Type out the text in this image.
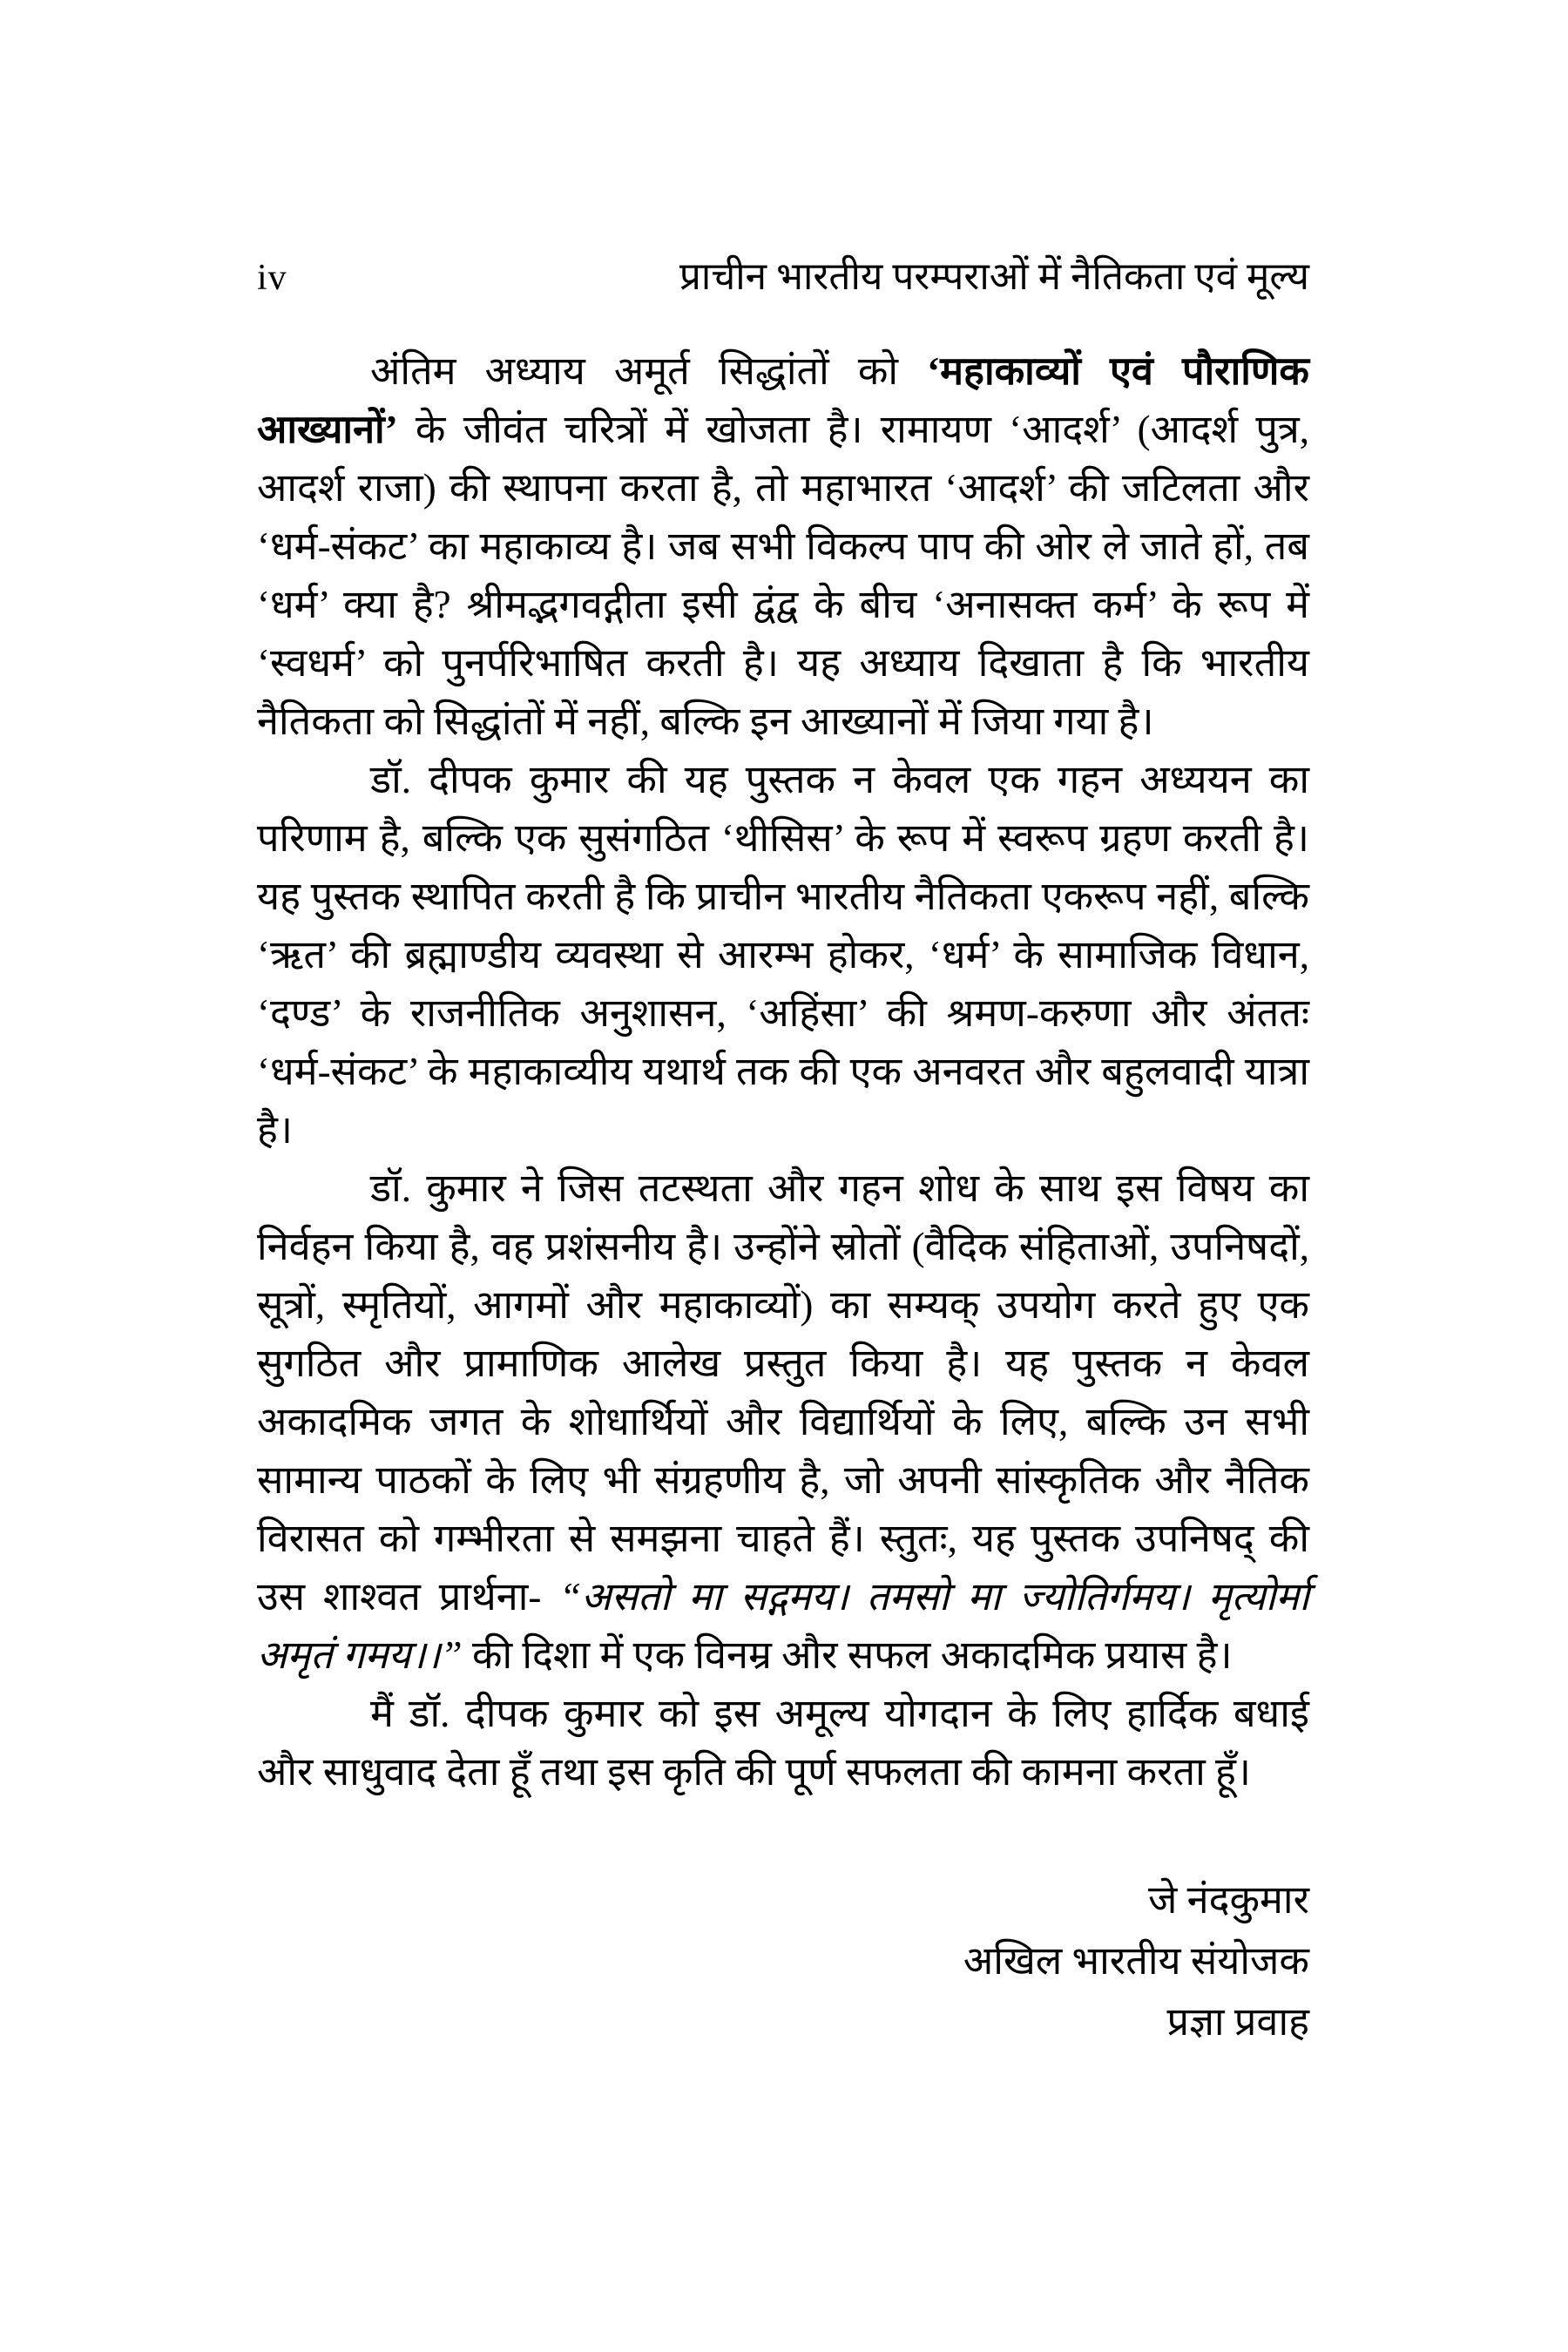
iv	प्राचीन भारतीय परम्पराओं में नैतिकता एवं मूल्य

अंतिम अध्याय अमूर्त सिद्धांतों को ‘महाकाव्यों एवं पौराणिक आख्यानों’ के जीवंत चरित्रों में खोजता है। रामायण ‘आदर्श’ (आदर्श पुत्र, आदर्श राजा) की स्थापना करता है, तो महाभारत ‘आदर्श’ की जटिलता और ‘धर्म-संकट’ का महाकाव्य है। जब सभी विकल्प पाप की ओर ले जाते हों, तब ‘धर्म’ क्या है? श्रीमद्भगवद्गीता इसी द्वंद्व के बीच ‘अनासक्त कर्म’ के रूप में ‘स्वधर्म’ को पुनर्परिभाषित करती है। यह अध्याय दिखाता है कि भारतीय नैतिकता को सिद्धांतों में नहीं, बल्कि इन आख्यानों में जिया गया है।

डॉ. दीपक कुमार की यह पुस्तक न केवल एक गहन अध्ययन का परिणाम है, बल्कि एक सुसंगठित ‘थीसिस’ के रूप में स्वरूप ग्रहण करती है। यह पुस्तक स्थापित करती है कि प्राचीन भारतीय नैतिकता एकरूप नहीं, बल्कि ‘ऋत’ की ब्रह्माण्डीय व्यवस्था से आरम्भ होकर, ‘धर्म’ के सामाजिक विधान, ‘दण्ड’ के राजनीतिक अनुशासन, ‘अहिंसा’ की श्रमण-करुणा और अंततः ‘धर्म-संकट’ के महाकाव्यीय यथार्थ तक की एक अनवरत और बहुलवादी यात्रा है।

डॉ. कुमार ने जिस तटस्थता और गहन शोध के साथ इस विषय का निर्वहन किया है, वह प्रशंसनीय है। उन्होंने स्रोतों (वैदिक संहिताओं, उपनिषदों, सूत्रों, स्मृतियों, आगमों और महाकाव्यों) का सम्यक् उपयोग करते हुए एक सुगठित और प्रामाणिक आलेख प्रस्तुत किया है। यह पुस्तक न केवल अकादमिक जगत के शोधार्थियों और विद्यार्थियों के लिए, बल्कि उन सभी सामान्य पाठकों के लिए भी संग्रहणीय है, जो अपनी सांस्कृतिक और नैतिक विरासत को गम्भीरता से समझना चाहते हैं। स्तुतः, यह पुस्तक उपनिषद् की उस शाश्वत प्रार्थना- “असतो मा सद्गमय। तमसो मा ज्योतिर्गमय। मृत्योर्मा अमृतं गमय।।” की दिशा में एक विनम्र और सफल अकादमिक प्रयास है।

मैं डॉ. दीपक कुमार को इस अमूल्य योगदान के लिए हार्दिक बधाई और साधुवाद देता हूँ तथा इस कृति की पूर्ण सफलता की कामना करता हूँ।

जे नंदकुमार
अखिल भारतीय संयोजक
प्रज्ञा प्रवाह
